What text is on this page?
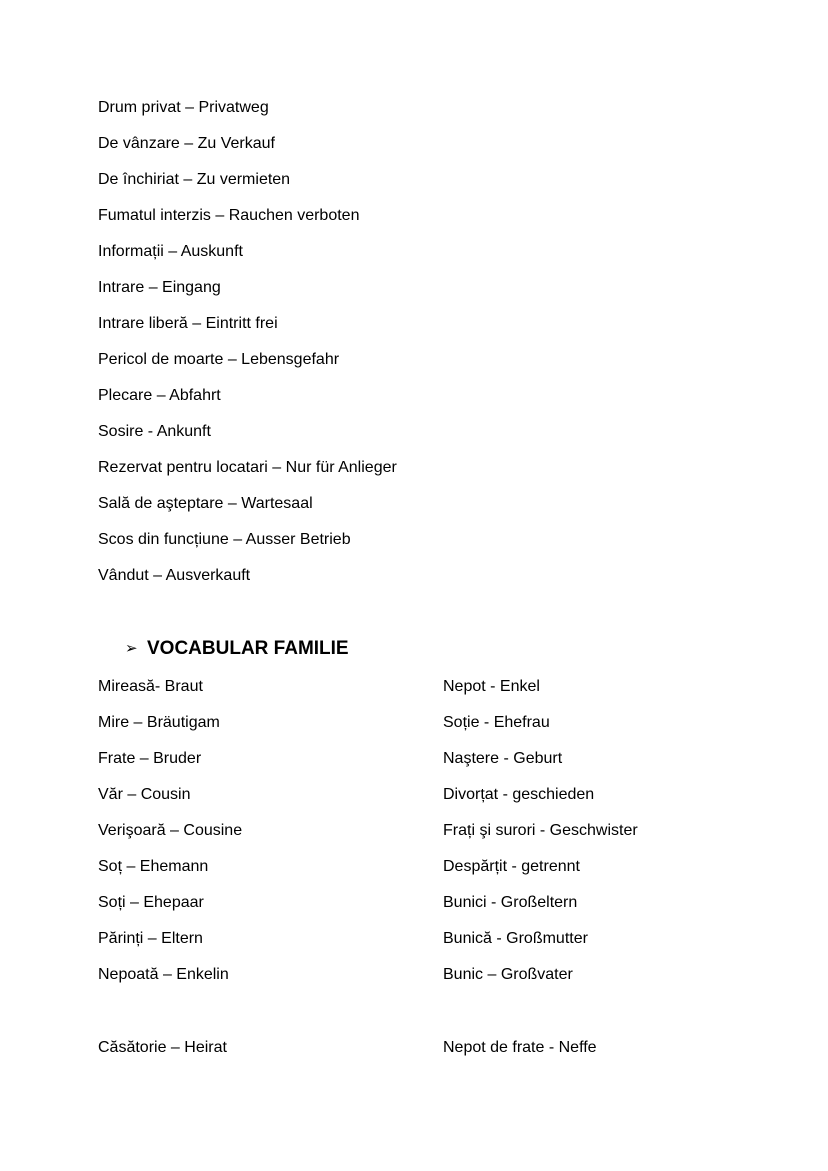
Drum privat – Privatweg
De vânzare – Zu Verkauf
De închiriat – Zu vermieten
Fumatul interzis – Rauchen verboten
Informații – Auskunft
Intrare – Eingang
Intrare liberă – Eintritt frei
Pericol de moarte – Lebensgefahr
Plecare – Abfahrt
Sosire - Ankunft
Rezervat pentru locatari – Nur für Anlieger
Sală de aşteptare – Wartesaal
Scos din funcțiune – Ausser Betrieb
Vândut – Ausverkauft
➢ VOCABULAR FAMILIE
Mireasă- Braut
Mire – Bräutigam
Frate – Bruder
Văr – Cousin
Verişoară – Cousine
Soț – Ehemann
Soți – Ehepaar
Părinți – Eltern
Nepoată – Enkelin
Căsătorie – Heirat
Nepot - Enkel
Soție - Ehefrau
Naştere - Geburt
Divorțat - geschieden
Frați şi surori - Geschwister
Despărțit - getrennt
Bunici - Großeltern
Bunică - Großmutter
Bunic – Großvater
Nepot de frate - Neffe
